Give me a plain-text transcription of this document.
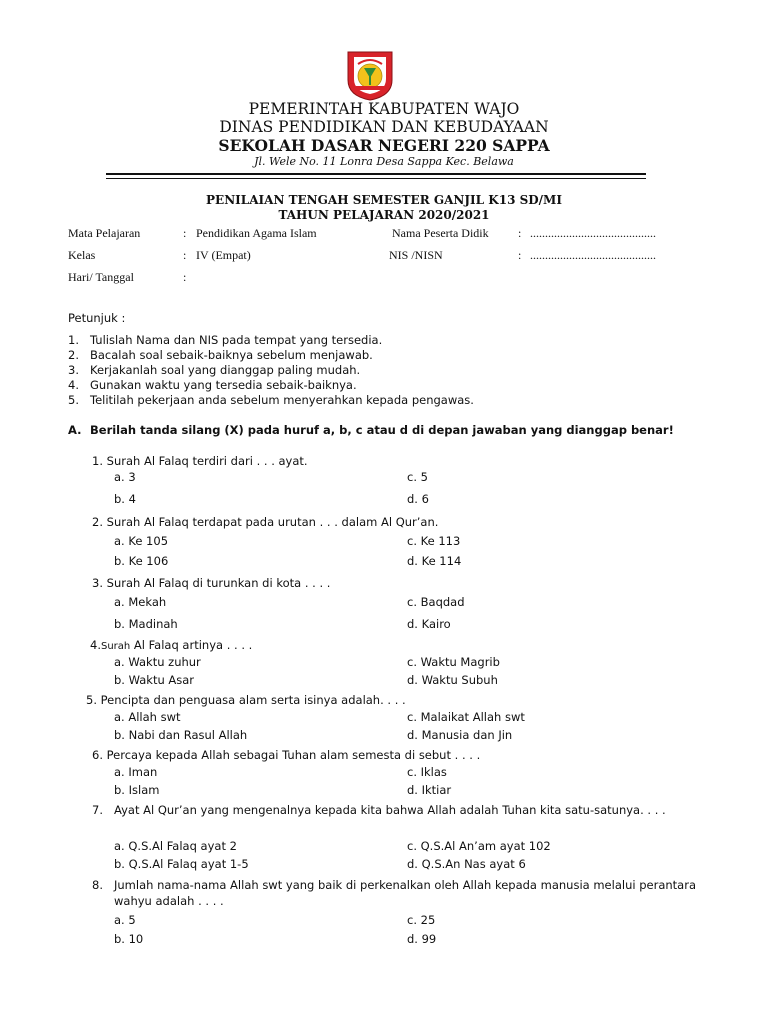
PEMERINTAH KABUPATEN WAJO
DINAS PENDIDIKAN DAN KEBUDAYAAN
SEKOLAH DASAR NEGERI 220 SAPPA
Jl. Wele No. 11 Lonra Desa Sappa Kec. Belawa
PENILAIAN TENGAH SEMESTER GANJIL K13 SD/MI
TAHUN PELAJARAN 2020/2021
Mata Pelajaran	: Pendidikan Agama Islam	Nama Peserta Didik : ..........................................
Kelas	: IV (Empat)	NIS /NISN	: ..........................................
Hari/ Tanggal	:
Petunjuk :
1. Tulislah Nama dan NIS pada tempat yang tersedia.
2. Bacalah soal sebaik-baiknya sebelum menjawab.
3. Kerjakanlah soal yang dianggap paling mudah.
4. Gunakan waktu yang tersedia sebaik-baiknya.
5. Telitilah pekerjaan anda sebelum menyerahkan kepada pengawas.
A. Berilah tanda silang (X) pada huruf a, b, c atau d di depan jawaban yang dianggap benar!
1. Surah Al Falaq terdiri dari . . . ayat.
a. 3	c. 5
b. 4	d. 6
2. Surah Al Falaq terdapat pada urutan . . . dalam Al Qur’an.
a. Ke 105	c. Ke 113
b. Ke 106	d. Ke 114
3. Surah Al Falaq di turunkan di kota . . . .
a. Mekah	c. Baqdad
b. Madinah	d. Kairo
4.Surah Al Falaq artinya . . . .
a. Waktu zuhur	c. Waktu Magrib
b. Waktu Asar	d. Waktu Subuh
5. Pencipta dan penguasa alam serta isinya adalah. . . .
a. Allah swt	c. Malaikat Allah swt
b. Nabi dan Rasul Allah	d. Manusia dan Jin
6. Percaya kepada Allah sebagai Tuhan alam semesta di sebut . . . .
a. Iman	c. Iklas
b. Islam	d. Iktiar
7. Ayat Al Qur’an yang mengenalnya kepada kita bahwa Allah adalah Tuhan kita satu-satunya. . . .
a. Q.S.Al Falaq ayat 2	c. Q.S.Al An’am ayat 102
b. Q.S.Al Falaq ayat 1-5	d. Q.S.An Nas ayat 6
8. Jumlah nama-nama Allah swt yang baik di perkenalkan oleh Allah kepada manusia melalui perantara wahyu adalah . . . .
a. 5	c. 25
b. 10	d. 99
